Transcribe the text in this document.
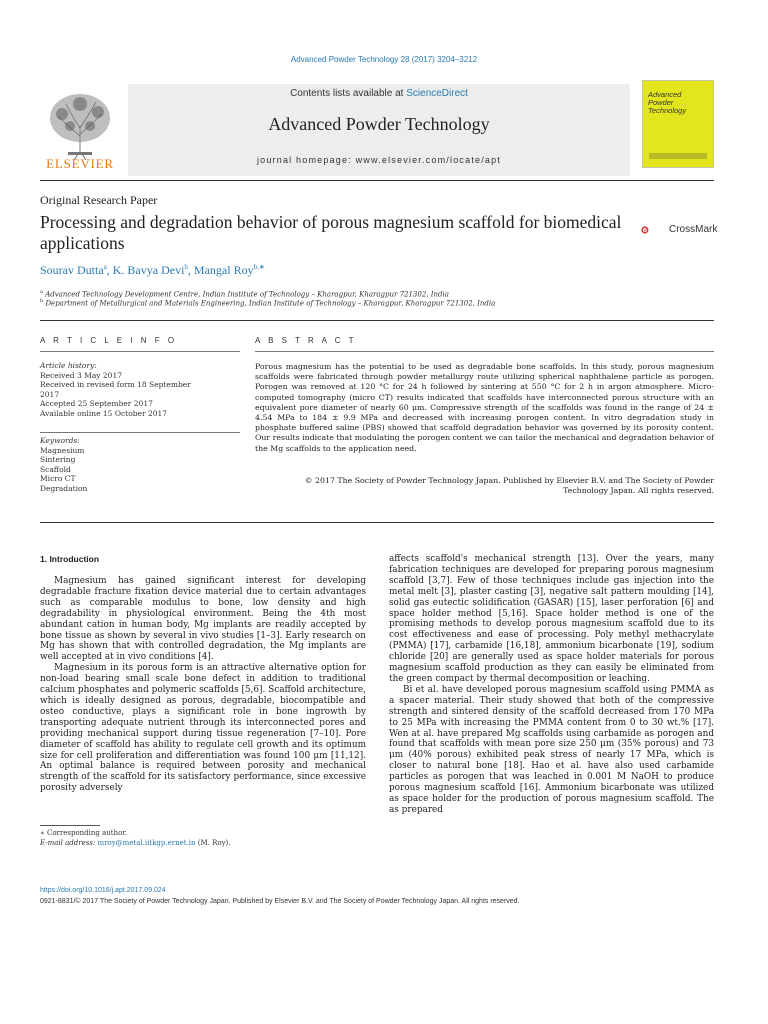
Advanced Powder Technology 28 (2017) 3204–3212
Contents lists available at ScienceDirect
Advanced Powder Technology
journal homepage: www.elsevier.com/locate/apt
ELSEVIER
Advanced
Powder
Technology
Original Research Paper
Processing and degradation behavior of porous magnesium scaffold for biomedical applications
CrossMark
Sourav Dutta$^a$, K. Bavya Devi$^b$, Mangal Roy$^{b,∗}$
$^a$ Advanced Technology Development Centre, Indian Institute of Technology – Kharagpur, Kharagpur 721302, India
$^b$ Department of Metallurgical and Materials Engineering, Indian Institute of Technology – Kharagpur, Kharagpur 721302, India
A R T I C L E I N F O	A B S T R A C T
Article history:
Received 3 May 2017
Received in revised form 18 September
2017
Accepted 25 September 2017
Available online 15 October 2017
Keywords:
Magnesium
Sintering
Scaffold
Micro CT
Degradation
Porous magnesium has the potential to be used as degradable bone scaffolds. In this study, porous magnesium scaffolds were fabricated through powder metallurgy route utilizing spherical naphthalene particle as porogen. Porogen was removed at 120 °C for 24 h followed by sintering at 550 °C for 2 h in argon atmosphere. Micro-computed tomography (micro CT) results indicated that scaffolds have interconnected porous structure with an equivalent pore diameter of nearly 60 μm. Compressive strength of the scaffolds was found in the range of 24 ± 4.54 MPa to 184 ± 9.9 MPa and decreased with increasing porogen content. In vitro degradation study in phosphate buffered saline (PBS) showed that scaffold degradation behavior was governed by its porosity content. Our results indicate that modulating the porogen content we can tailor the mechanical and degradation behavior of the Mg scaffolds to the application need.
© 2017 The Society of Powder Technology Japan. Published by Elsevier B.V. and The Society of Powder
Technology Japan. All rights reserved.
1. Introduction

Magnesium has gained significant interest for developing degradable fracture fixation device material due to certain advantages such as comparable modulus to bone, low density and high degradability in physiological environment. Being the 4th most abundant cation in human body, Mg implants are readily accepted by bone tissue as shown by several in vivo studies [1–3]. Early research on Mg has shown that with controlled degradation, the Mg implants are well accepted at in vivo conditions [4].

Magnesium in its porous form is an attractive alternative option for non-load bearing small scale bone defect in addition to traditional calcium phosphates and polymeric scaffolds [5,6]. Scaffold architecture, which is ideally designed as porous, degradable, biocompatible and osteo conductive, plays a significant role in bone ingrowth by transporting adequate nutrient through its interconnected pores and providing mechanical support during tissue regeneration [7–10]. Pore diameter of scaffold has ability to regulate cell growth and its optimum size for cell proliferation and differentiation was found 100 μm [11,12]. An optimal balance is required between porosity and mechanical strength of the scaffold for its satisfactory performance, since excessive porosity adversely

affects scaffold's mechanical strength [13]. Over the years, many fabrication techniques are developed for preparing porous magnesium scaffold [3,7]. Few of those techniques include gas injection into the metal melt [3], plaster casting [3], negative salt pattern moulding [14], solid gas eutectic solidification (GASAR) [15], laser perforation [6] and space holder method [5,16]. Space holder method is one of the promising methods to develop porous magnesium scaffold due to its cost effectiveness and ease of processing. Poly methyl methacrylate (PMMA) [17], carbamide [16,18], ammonium bicarbonate [19], sodium chloride [20] are generally used as space holder materials for porous magnesium scaffold production as they can easily be eliminated from the green compact by thermal decomposition or leaching.

Bi et al. have developed porous magnesium scaffold using PMMA as a spacer material. Their study showed that both of the compressive strength and sintered density of the scaffold decreased from 170 MPa to 25 MPa with increasing the PMMA content from 0 to 30 wt.% [17]. Wen at al. have prepared Mg scaffolds using carbamide as porogen and found that scaffolds with mean pore size 250 μm (35% porous) and 73 μm (40% porous) exhibited peak stress of nearly 17 MPa, which is closer to natural bone [18]. Hao et al. have also used carbamide particles as porogen that was leached in 0.001 M NaOH to produce porous magnesium scaffold [16]. Ammonium bicarbonate was utilized as space holder for the production of porous magnesium scaffold. The as prepared

∗ Corresponding author.
E-mail address: mroy@metal.iitkgp.ernet.in (M. Roy).
https://doi.org/10.1016/j.apt.2017.09.024
0921-8831/© 2017 The Society of Powder Technology Japan. Published by Elsevier B.V. and The Society of Powder Technology Japan. All rights reserved.
